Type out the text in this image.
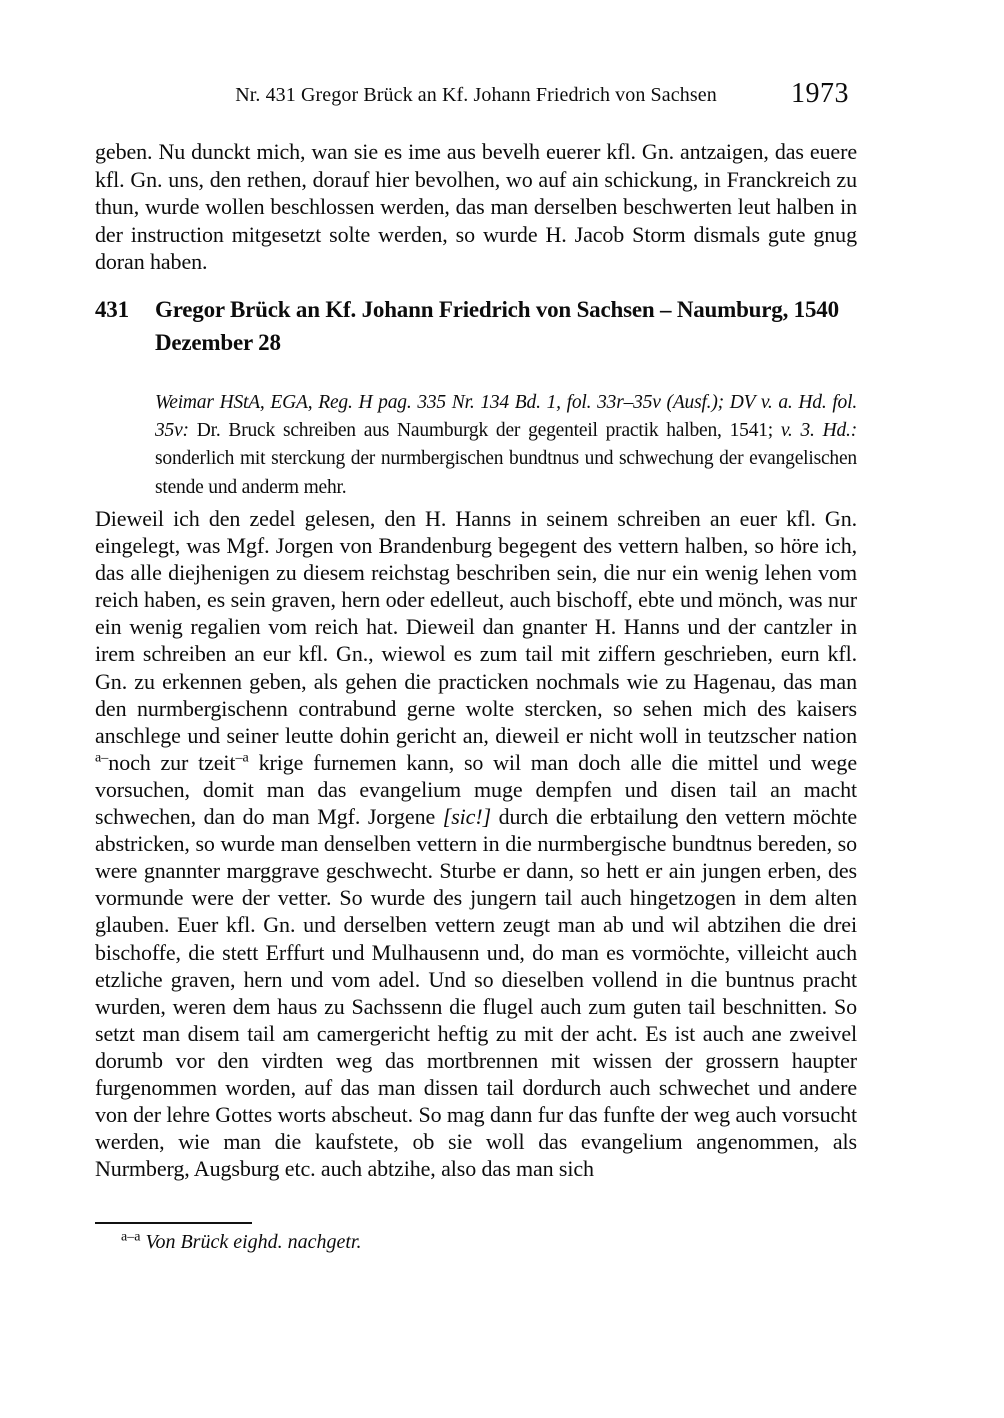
Nr. 431 Gregor Brück an Kf. Johann Friedrich von Sachsen	1973

geben. Nu dunckt mich, wan sie es ime aus bevelh euerer kfl. Gn. antzaigen, das euere kfl. Gn. uns, den rethen, dorauf hier bevolhen, wo auf ain schickung, in Franckreich zu thun, wurde wollen beschlossen werden, das man derselben beschwerten leut halben in der instruction mitgesetzt solte werden, so wurde H. Jacob Storm dismals gute gnug doran haben.

431	Gregor Brück an Kf. Johann Friedrich von Sachsen – Naumburg, 1540
Dezember 28

Weimar HStA, EGA, Reg. H pag. 335 Nr. 134 Bd. 1, fol. 33r–35v (Ausf.); DV v. a. Hd. fol. 35v: Dr. Bruck schreiben aus Naumburgk der gegenteil practik halben, 1541; v. 3. Hd.: sonderlich mit sterckung der nurmbergischen bundtnus und schwechung der evangelischen stende und anderm mehr.

Dieweil ich den zedel gelesen, den H. Hanns in seinem schreiben an euer kfl. Gn. eingelegt, was Mgf. Jorgen von Brandenburg begegent des vettern halben, so höre ich, das alle diejhenigen zu diesem reichstag beschriben sein, die nur ein wenig lehen vom reich haben, es sein graven, hern oder edelleut, auch bischoff, ebte und mönch, was nur ein wenig regalien vom reich hat. Dieweil dan gnanter H. Hanns und der cantzler in irem schreiben an eur kfl. Gn., wiewol es zum tail mit ziffern geschrieben, eurn kfl. Gn. zu erkennen geben, als gehen die practicken nochmals wie zu Hagenau, das man den nurmbergischenn contrabund gerne wolte stercken, so sehen mich des kaisers anschlege und seiner leutte dohin gericht an, dieweil er nicht woll in teutzscher nation $^{a-}$noch zur tzeit$^{-a}$ krige furnemen kann, so wil man doch alle die mittel und wege vorsuchen, domit man das evangelium muge dempfen und disen tail an macht schwechen, dan do man Mgf. Jorgene [sic!] durch die erbtailung den vettern möchte abstricken, so wurde man denselben vettern in die nurmbergische bundtnus bereden, so were gnannter marggrave geschwecht. Sturbe er dann, so hett er ain jungen erben, des vormunde were der vetter. So wurde des jungern tail auch hingetzogen in dem alten glauben. Euer kfl. Gn. und derselben vettern zeugt man ab und wil abtzihen die drei bischoffe, die stett Erffurt und Mulhausenn und, do man es vormöchte, villeicht auch etzliche graven, hern und vom adel. Und so dieselben vollend in die buntnus pracht wurden, weren dem haus zu Sachssenn die flugel auch zum guten tail beschnitten. So setzt man disem tail am camergericht heftig zu mit der acht. Es ist auch ane zweivel dorumb vor den virdten weg das mortbrennen mit wissen der grossern haupter furgenommen worden, auf das man dissen tail dordurch auch schwechet und andere von der lehre Gottes worts abscheut. So mag dann fur das funfte der weg auch vorsucht werden, wie man die kaufstete, ob sie woll das evangelium angenommen, als Nurmberg, Augsburg etc. auch abtzihe, also das man sich

$^{a-a}$ Von Brück eighd. nachgetr.
